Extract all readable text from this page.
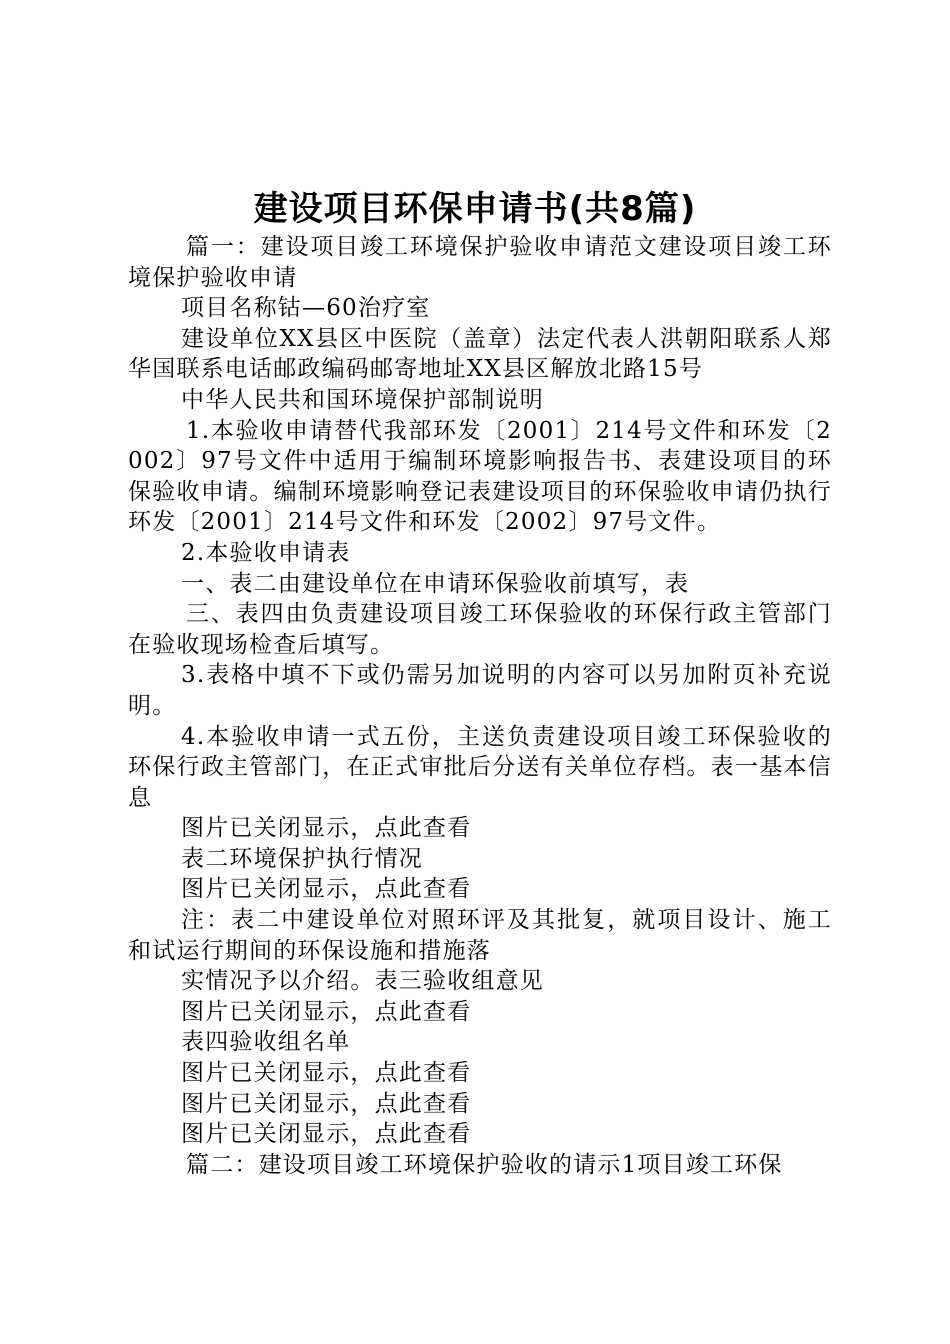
建设项目环保申请书(共8篇)

篇一：建设项目竣工环境保护验收申请范文建设项目竣工环境保护验收申请

项目名称钴—60治疗室

建设单位XX县区中医院（盖章）法定代表人洪朝阳联系人郑华国联系电话邮政编码邮寄地址XX县区解放北路15号

中华人民共和国环境保护部制说明

1.本验收申请替代我部环发〔2001〕214号文件和环发〔2002〕97号文件中适用于编制环境影响报告书、表建设项目的环保验收申请。编制环境影响登记表建设项目的环保验收申请仍执行环发〔2001〕214号文件和环发〔2002〕97号文件。

2.本验收申请表

一、表二由建设单位在申请环保验收前填写，表

三、表四由负责建设项目竣工环保验收的环保行政主管部门在验收现场检查后填写。

3.表格中填不下或仍需另加说明的内容可以另加附页补充说明。

4.本验收申请一式五份，主送负责建设项目竣工环保验收的环保行政主管部门，在正式审批后分送有关单位存档。表一基本信息

图片已关闭显示，点此查看

表二环境保护执行情况

图片已关闭显示，点此查看

注：表二中建设单位对照环评及其批复，就项目设计、施工和试运行期间的环保设施和措施落

实情况予以介绍。表三验收组意见

图片已关闭显示，点此查看

表四验收组名单

图片已关闭显示，点此查看

图片已关闭显示，点此查看

图片已关闭显示，点此查看

篇二：建设项目竣工环境保护验收的请示1项目竣工环保
